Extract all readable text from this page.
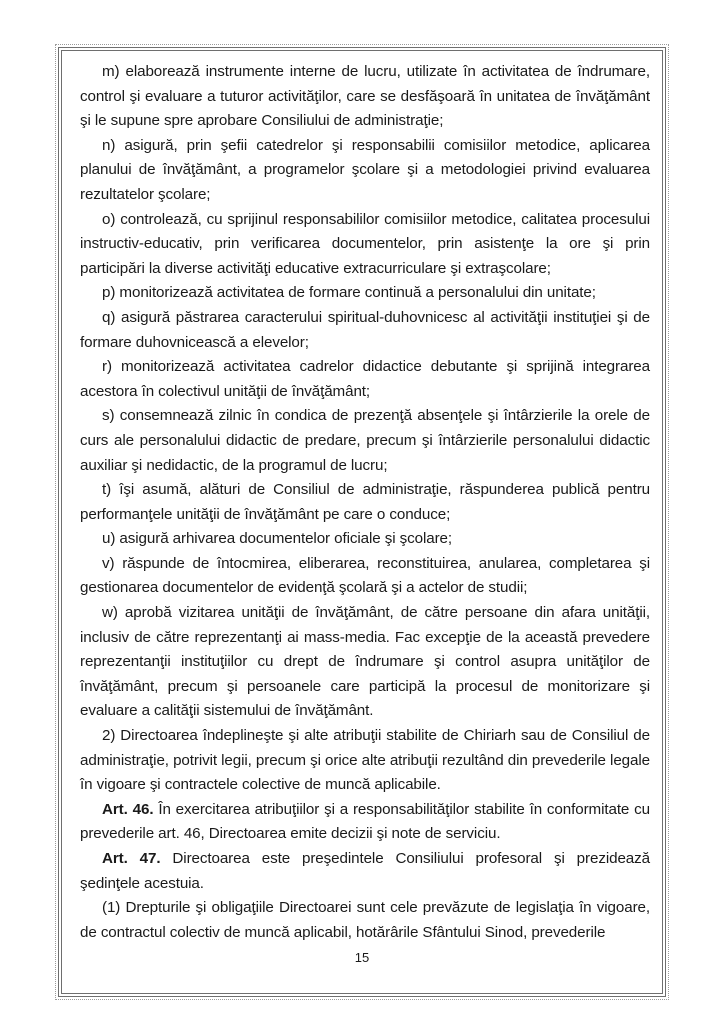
m) elaborează instrumente interne de lucru, utilizate în activitatea de îndrumare, control şi evaluare a tuturor activităţilor, care se desfăşoară în unitatea de învăţământ şi le supune spre aprobare Consiliului de administraţie;

n) asigură, prin şefii catedrelor şi responsabilii comisiilor metodice, aplicarea planului de învăţământ, a programelor şcolare şi a metodologiei privind evaluarea rezultatelor şcolare;

o) controlează, cu sprijinul responsabililor comisiilor metodice, calitatea procesului instructiv-educativ, prin verificarea documentelor, prin asistenţe la ore şi prin participări la diverse activităţi educative extracurriculare şi extraşcolare;

p) monitorizează activitatea de formare continuă a personalului din unitate;

q) asigură păstrarea caracterului spiritual-duhovnicesc al activităţii instituţiei şi de formare duhovnicească a elevelor;

r) monitorizează activitatea cadrelor didactice debutante şi sprijină integrarea acestora în colectivul unităţii de învăţământ;

s) consemnează zilnic în condica de prezenţă absenţele şi întârzierile la orele de curs ale personalului didactic de predare, precum şi întârzierile personalului didactic auxiliar şi nedidactic, de la programul de lucru;

t) îşi asumă, alături de Consiliul de administraţie, răspunderea publică pentru performanţele unităţii de învăţământ pe care o conduce;

u) asigură arhivarea documentelor oficiale şi şcolare;

v) răspunde de întocmirea, eliberarea, reconstituirea, anularea, completarea şi gestionarea documentelor de evidenţă şcolară şi a actelor de studii;

w) aprobă vizitarea unităţii de învăţământ, de către persoane din afara unităţii, inclusiv de către reprezentanţi ai mass-media. Fac excepţie de la această prevedere reprezentanţii instituţiilor cu drept de îndrumare şi control asupra unităţilor de învăţământ, precum şi persoanele care participă la procesul de monitorizare şi evaluare a calităţii sistemului de învăţământ.

2) Directoarea îndeplineşte şi alte atribuţii stabilite de Chiriarh sau de Consiliul de administraţie, potrivit legii, precum şi orice alte atribuţii rezultând din prevederile legale în vigoare şi contractele colective de muncă aplicabile.

Art. 46. În exercitarea atribuţiilor şi a responsabilităţilor stabilite în conformitate cu prevederile art. 46, Directoarea emite decizii şi note de serviciu.

Art. 47. Directoarea este preşedintele Consiliului profesoral şi prezidează şedinţele acestuia.

(1) Drepturile şi obligaţiile Directoarei sunt cele prevăzute de legislaţia în vigoare, de contractul colectiv de muncă aplicabil, hotărârile Sfântului Sinod, prevederile

15
